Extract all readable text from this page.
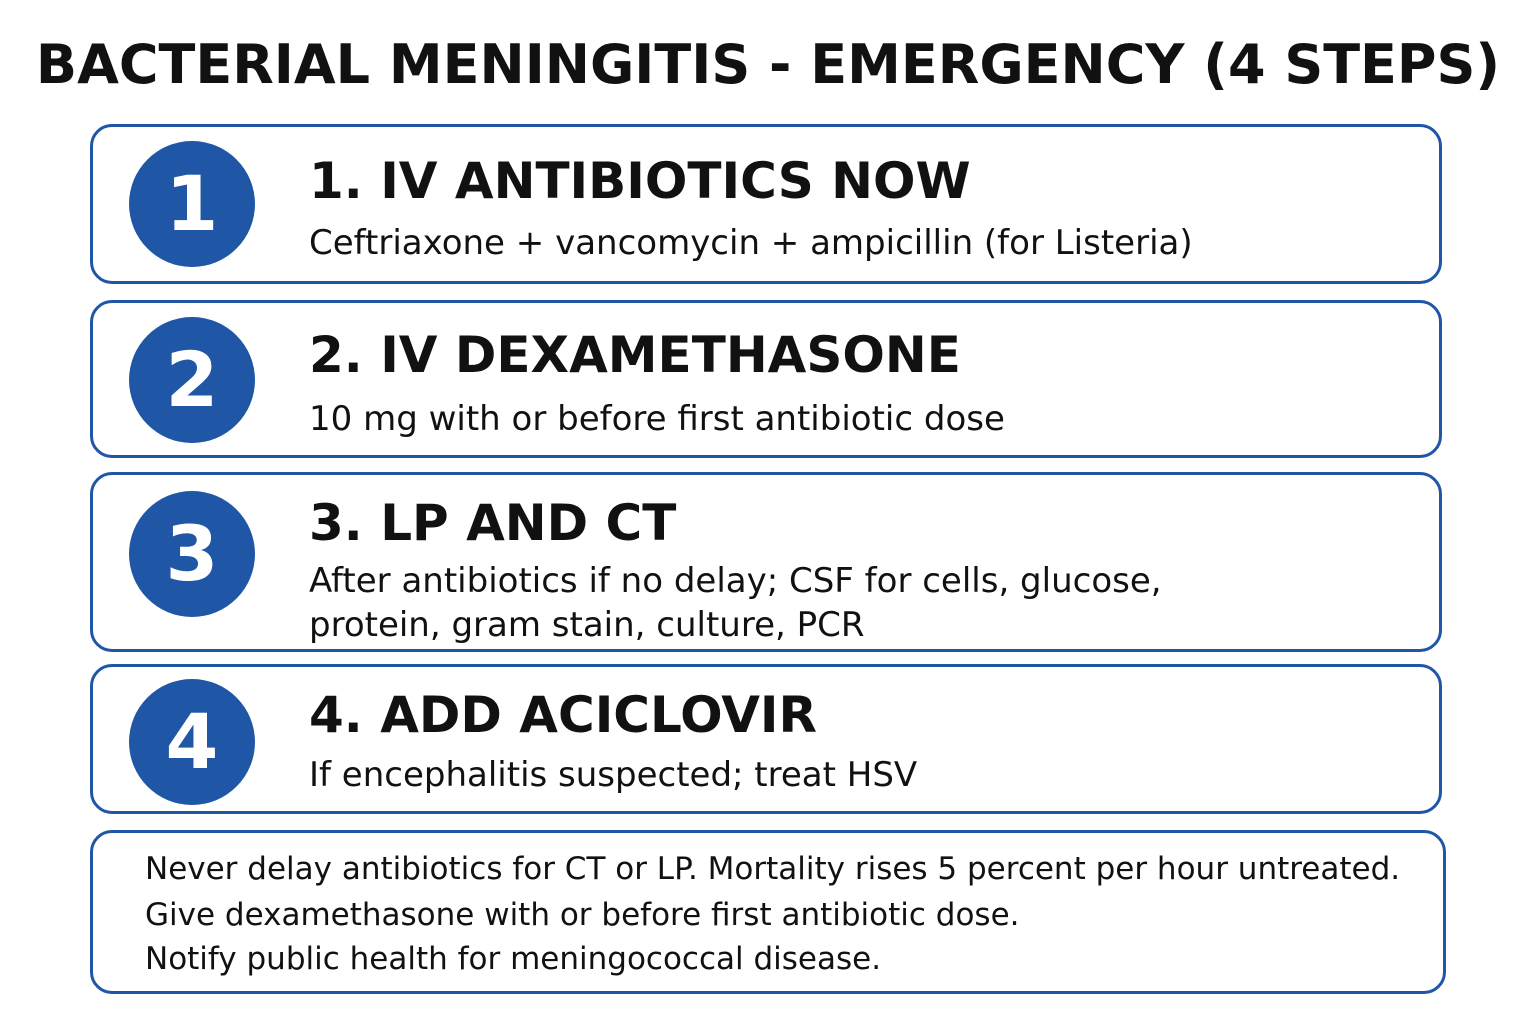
BACTERIAL MENINGITIS - EMERGENCY (4 STEPS)
1	1. IV ANTIBIOTICS NOW
Ceftriaxone + vancomycin + ampicillin (for Listeria)
2	2. IV DEXAMETHASONE
10 mg with or before first antibiotic dose
3	3. LP AND CT
After antibiotics if no delay; CSF for cells, glucose,
protein, gram stain, culture, PCR
4	4. ADD ACICLOVIR
If encephalitis suspected; treat HSV
Never delay antibiotics for CT or LP. Mortality rises 5 percent per hour untreated.
Give dexamethasone with or before first antibiotic dose.
Notify public health for meningococcal disease.
